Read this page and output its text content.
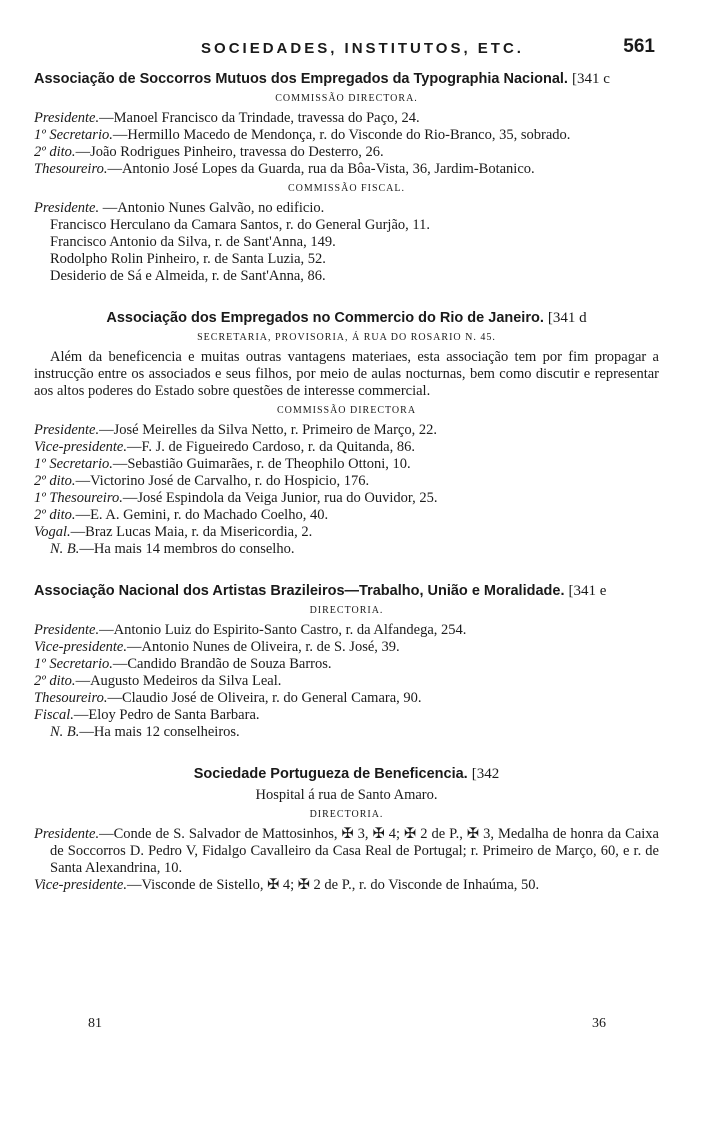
SOCIEDADES, INSTITUTOS, ETC.	561
Associação de Soccorros Mutuos dos Empregados da Typographia Nacional. [341 c
COMMISSÃO DIRECTORA.
Presidente.—Manoel Francisco da Trindade, travessa do Paço, 24.
1º Secretario.—Hermillo Macedo de Mendonça, r. do Visconde do Rio-Branco, 35, sobrado.
2º dito.—João Rodrigues Pinheiro, travessa do Desterro, 26.
Thesoureiro.—Antonio José Lopes da Guarda, rua da Bôa-Vista, 36, Jardim-Botanico.
COMMISSÃO FISCAL.
Presidente. —Antonio Nunes Galvão, no edificio.
Francisco Herculano da Camara Santos, r. do General Gurjão, 11.
Francisco Antonio da Silva, r. de Sant'Anna, 149.
Rodolpho Rolin Pinheiro, r. de Santa Luzia, 52.
Desiderio de Sá e Almeida, r. de Sant'Anna, 86.
Associação dos Empregados no Commercio do Rio de Janeiro. [341 d
SECRETARIA, PROVISORIA, Á RUA DO ROSARIO N. 45.

Além da beneficencia e muitas outras vantagens materiaes, esta associação tem por fim propagar a instrucção entre os associados e seus filhos, por meio de aulas nocturnas, bem como discutir e representar aos altos poderes do Estado sobre questões de interesse commercial.

COMMISSÃO DIRECTORA
Presidente.—José Meirelles da Silva Netto, r. Primeiro de Março, 22.
Vice-presidente.—F. J. de Figueiredo Cardoso, r. da Quitanda, 86.
1º Secretario.—Sebastião Guimarães, r. de Theophilo Ottoni, 10.
2º dito.—Victorino José de Carvalho, r. do Hospicio, 176.
1º Thesoureiro.—José Espindola da Veiga Junior, rua do Ouvidor, 25.
2º dito.—E. A. Gemini, r. do Machado Coelho, 40.
Vogal.—Braz Lucas Maia, r. da Misericordia, 2.
N. B.—Ha mais 14 membros do conselho.
Associação Nacional dos Artistas Brazileiros—Trabalho, União e Moralidade. [341 e
DIRECTORIA.
Presidente.—Antonio Luiz do Espirito-Santo Castro, r. da Alfandega, 254.
Vice-presidente.—Antonio Nunes de Oliveira, r. de S. José, 39.
1º Secretario.—Candido Brandão de Souza Barros.
2º dito.—Augusto Medeiros da Silva Leal.
Thesoureiro.—Claudio José de Oliveira, r. do General Camara, 90.
Fiscal.—Eloy Pedro de Santa Barbara.
N. B.—Ha mais 12 conselheiros.
Sociedade Portugueza de Beneficencia. [342
Hospital á rua de Santo Amaro.
DIRECTORIA.
Presidente.—Conde de S. Salvador de Mattosinhos, ✠ 3, ✠ 4; ✠ 2 de P., ✠ 3, Medalha de honra da Caixa de Soccorros D. Pedro V, Fidalgo Cavalleiro da Casa Real de Portugal; r. Primeiro de Março, 60, e r. de Santa Alexandrina, 10.
Vice-presidente.—Visconde de Sistello, ✠ 4; ✠ 2 de P., r. do Visconde de Inhaúma, 50.
81	36
